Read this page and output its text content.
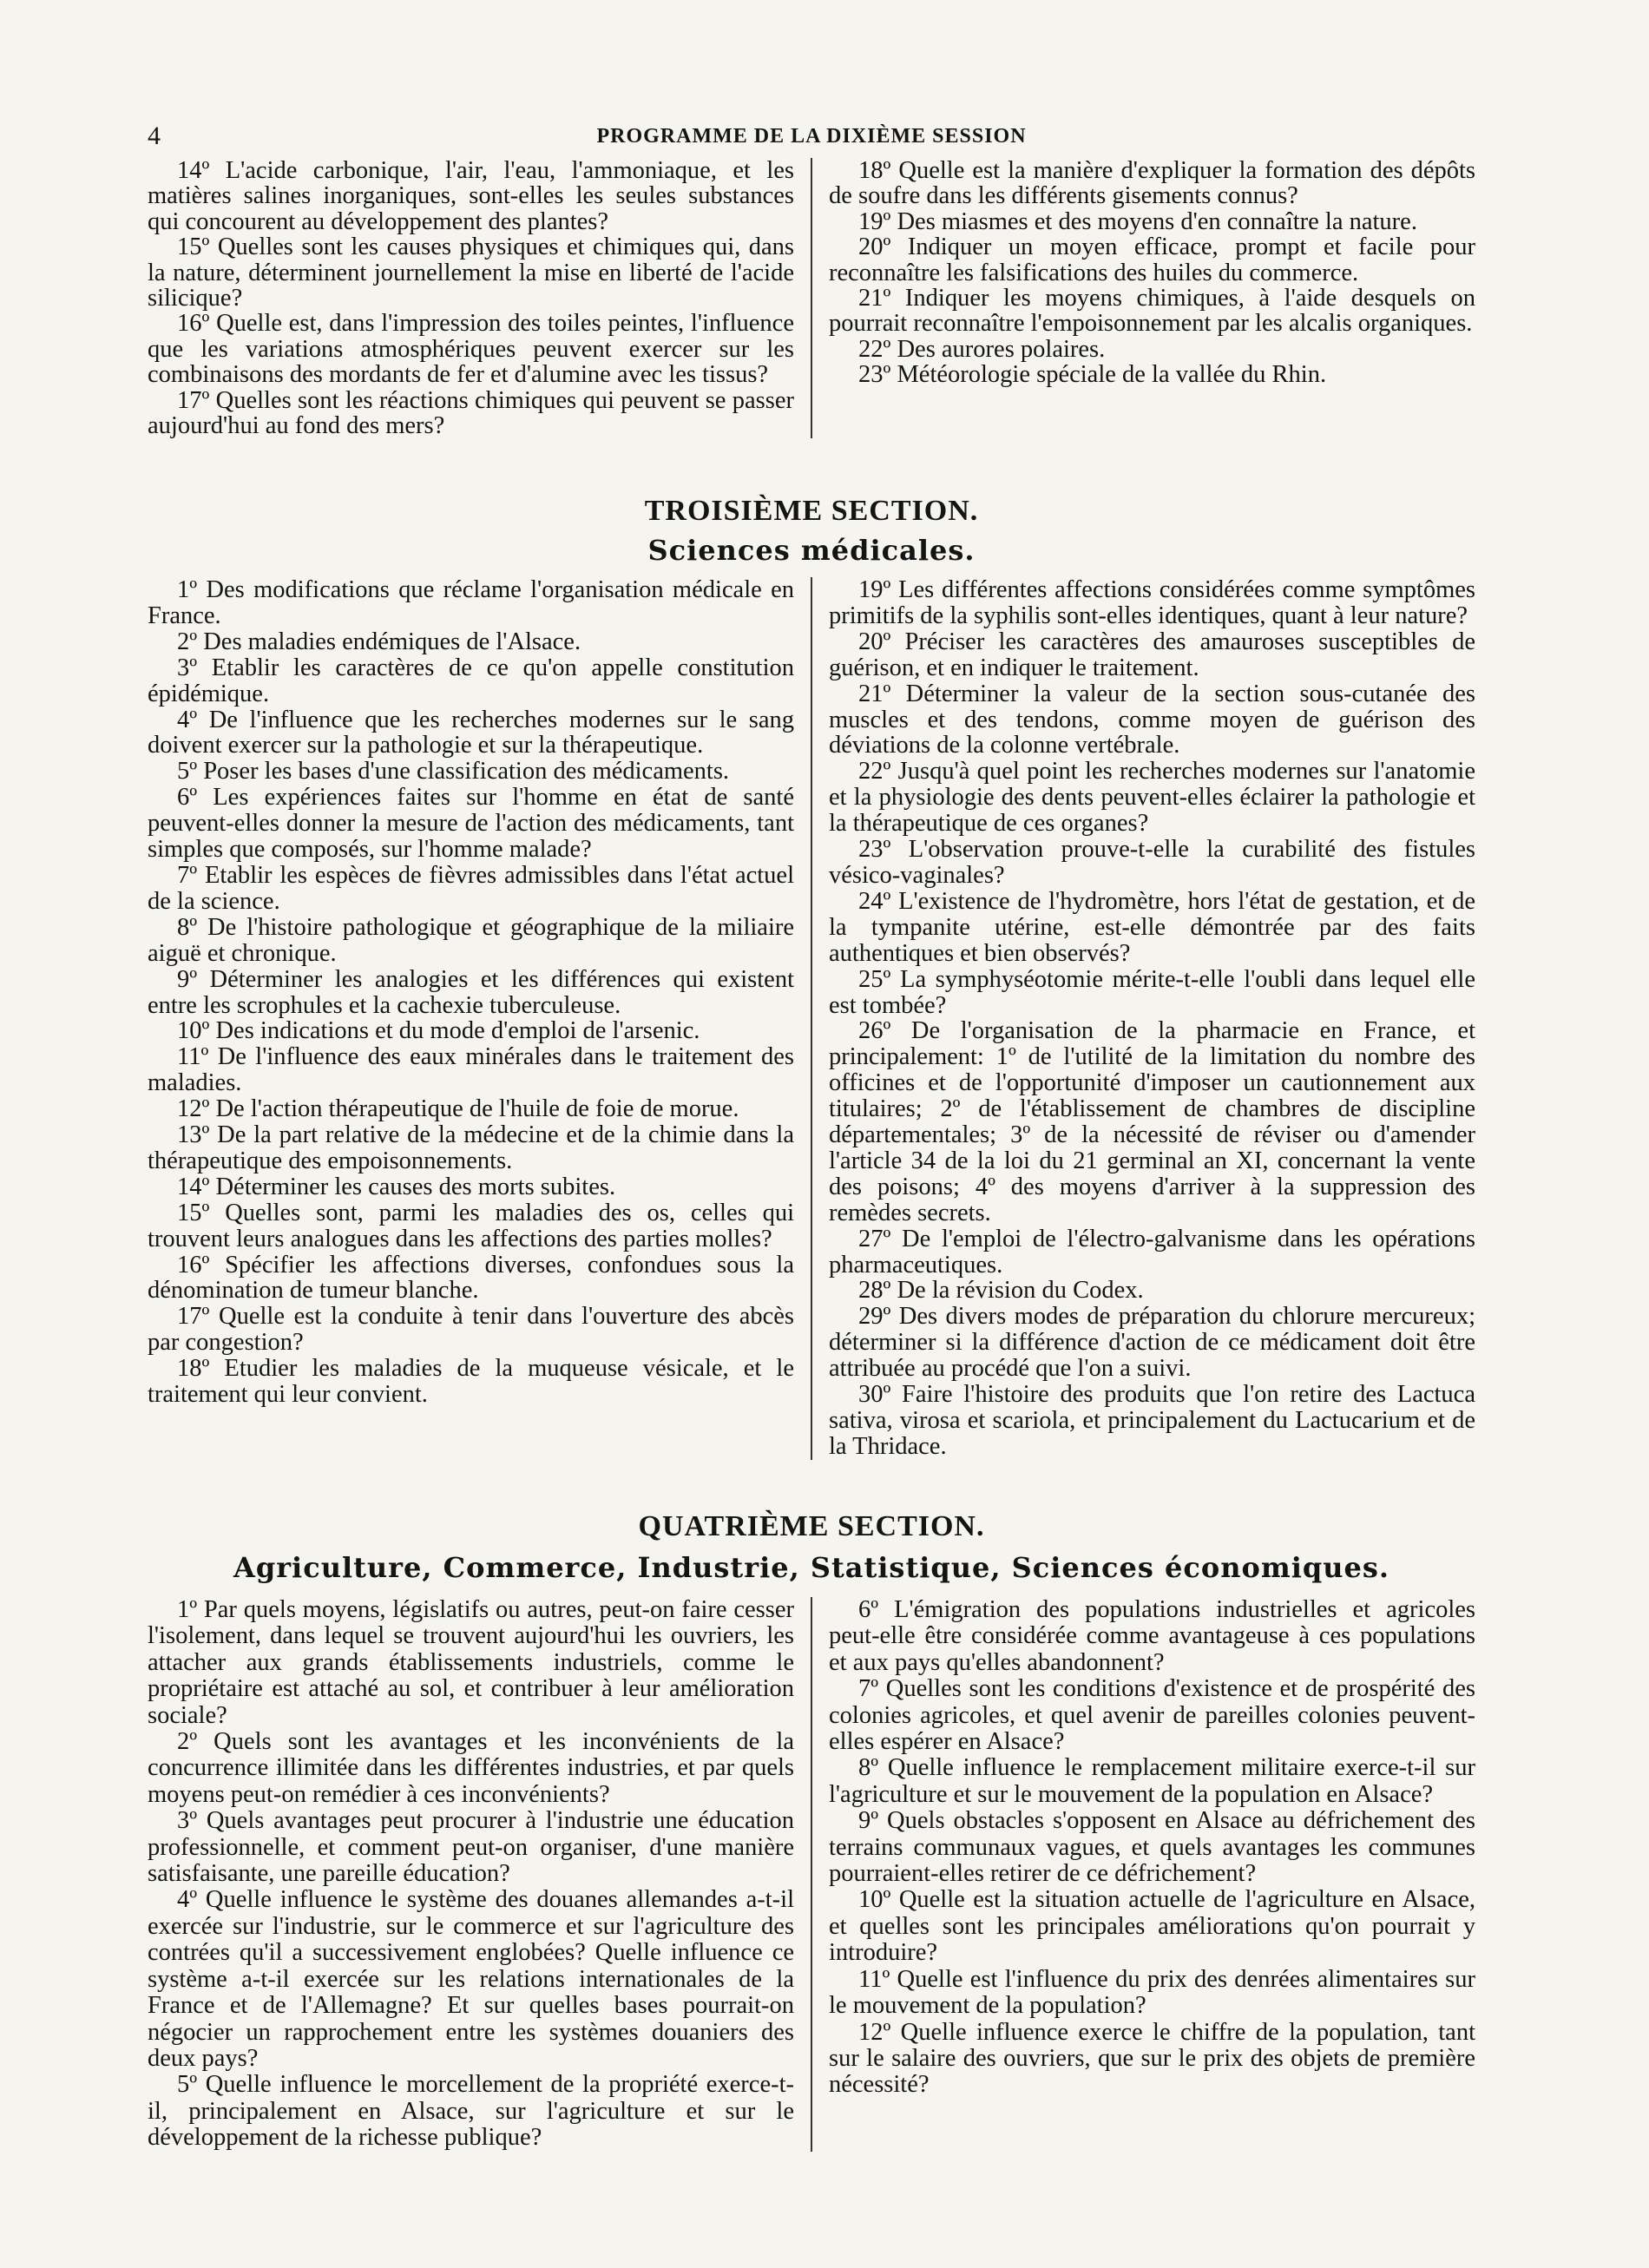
4	PROGRAMME DE LA DIXIÈME SESSION

14º L'acide carbonique, l'air, l'eau, l'ammoniaque, et les matières salines inorganiques, sont-elles les seules substances qui concourent au développement des plantes?

15º Quelles sont les causes physiques et chimiques qui, dans la nature, déterminent journellement la mise en liberté de l'acide silicique?

16º Quelle est, dans l'impression des toiles peintes, l'influence que les variations atmosphériques peuvent exercer sur les combinaisons des mordants de fer et d'alumine avec les tissus?

17º Quelles sont les réactions chimiques qui peuvent se passer aujourd'hui au fond des mers?

18º Quelle est la manière d'expliquer la formation des dépôts de soufre dans les différents gisements connus?

19º Des miasmes et des moyens d'en connaître la nature.

20º Indiquer un moyen efficace, prompt et facile pour reconnaître les falsifications des huiles du commerce.

21º Indiquer les moyens chimiques, à l'aide desquels on pourrait reconnaître l'empoisonnement par les alcalis organiques.

22º Des aurores polaires.

23º Météorologie spéciale de la vallée du Rhin.

TROISIÈME SECTION.
Sciences médicales.

1º Des modifications que réclame l'organisation médicale en France.

2º Des maladies endémiques de l'Alsace.

3º Etablir les caractères de ce qu'on appelle constitution épidémique.

4º De l'influence que les recherches modernes sur le sang doivent exercer sur la pathologie et sur la thérapeutique.

5º Poser les bases d'une classification des médicaments.

6º Les expériences faites sur l'homme en état de santé peuvent-elles donner la mesure de l'action des médicaments, tant simples que composés, sur l'homme malade?

7º Etablir les espèces de fièvres admissibles dans l'état actuel de la science.

8º De l'histoire pathologique et géographique de la miliaire aiguë et chronique.

9º Déterminer les analogies et les différences qui existent entre les scrophules et la cachexie tuberculeuse.

10º Des indications et du mode d'emploi de l'arsenic.

11º De l'influence des eaux minérales dans le traitement des maladies.

12º De l'action thérapeutique de l'huile de foie de morue.

13º De la part relative de la médecine et de la chimie dans la thérapeutique des empoisonnements.

14º Déterminer les causes des morts subites.

15º Quelles sont, parmi les maladies des os, celles qui trouvent leurs analogues dans les affections des parties molles?

16º Spécifier les affections diverses, confondues sous la dénomination de tumeur blanche.

17º Quelle est la conduite à tenir dans l'ouverture des abcès par congestion?

18º Etudier les maladies de la muqueuse vésicale, et le traitement qui leur convient.

19º Les différentes affections considérées comme symptômes primitifs de la syphilis sont-elles identiques, quant à leur nature?

20º Préciser les caractères des amauroses susceptibles de guérison, et en indiquer le traitement.

21º Déterminer la valeur de la section sous-cutanée des muscles et des tendons, comme moyen de guérison des déviations de la colonne vertébrale.

22º Jusqu'à quel point les recherches modernes sur l'anatomie et la physiologie des dents peuvent-elles éclairer la pathologie et la thérapeutique de ces organes?

23º L'observation prouve-t-elle la curabilité des fistules vésico-vaginales?

24º L'existence de l'hydromètre, hors l'état de gestation, et de la tympanite utérine, est-elle démontrée par des faits authentiques et bien observés?

25º La symphyséotomie mérite-t-elle l'oubli dans lequel elle est tombée?

26º De l'organisation de la pharmacie en France, et principalement: 1º de l'utilité de la limitation du nombre des officines et de l'opportunité d'imposer un cautionnement aux titulaires; 2º de l'établissement de chambres de discipline départementales; 3º de la nécessité de réviser ou d'amender l'article 34 de la loi du 21 germinal an XI, concernant la vente des poisons; 4º des moyens d'arriver à la suppression des remèdes secrets.

27º De l'emploi de l'électro-galvanisme dans les opérations pharmaceutiques.

28º De la révision du Codex.

29º Des divers modes de préparation du chlorure mercureux; déterminer si la différence d'action de ce médicament doit être attribuée au procédé que l'on a suivi.

30º Faire l'histoire des produits que l'on retire des Lactuca sativa, virosa et scariola, et principalement du Lactucarium et de la Thridace.

QUATRIÈME SECTION.
Agriculture, Commerce, Industrie, Statistique, Sciences économiques.

1º Par quels moyens, législatifs ou autres, peut-on faire cesser l'isolement, dans lequel se trouvent aujourd'hui les ouvriers, les attacher aux grands établissements industriels, comme le propriétaire est attaché au sol, et contribuer à leur amélioration sociale?

2º Quels sont les avantages et les inconvénients de la concurrence illimitée dans les différentes industries, et par quels moyens peut-on remédier à ces inconvénients?

3º Quels avantages peut procurer à l'industrie une éducation professionnelle, et comment peut-on organiser, d'une manière satisfaisante, une pareille éducation?

4º Quelle influence le système des douanes allemandes a-t-il exercée sur l'industrie, sur le commerce et sur l'agriculture des contrées qu'il a successivement englobées? Quelle influence ce système a-t-il exercée sur les relations internationales de la France et de l'Allemagne? Et sur quelles bases pourrait-on négocier un rapprochement entre les systèmes douaniers des deux pays?

5º Quelle influence le morcellement de la propriété exerce-t-il, principalement en Alsace, sur l'agriculture et sur le développement de la richesse publique?

6º L'émigration des populations industrielles et agricoles peut-elle être considérée comme avantageuse à ces populations et aux pays qu'elles abandonnent?

7º Quelles sont les conditions d'existence et de prospérité des colonies agricoles, et quel avenir de pareilles colonies peuvent-elles espérer en Alsace?

8º Quelle influence le remplacement militaire exerce-t-il sur l'agriculture et sur le mouvement de la population en Alsace?

9º Quels obstacles s'opposent en Alsace au défrichement des terrains communaux vagues, et quels avantages les communes pourraient-elles retirer de ce défrichement?

10º Quelle est la situation actuelle de l'agriculture en Alsace, et quelles sont les principales améliorations qu'on pourrait y introduire?

11º Quelle est l'influence du prix des denrées alimentaires sur le mouvement de la population?

12º Quelle influence exerce le chiffre de la population, tant sur le salaire des ouvriers, que sur le prix des objets de première nécessité?
